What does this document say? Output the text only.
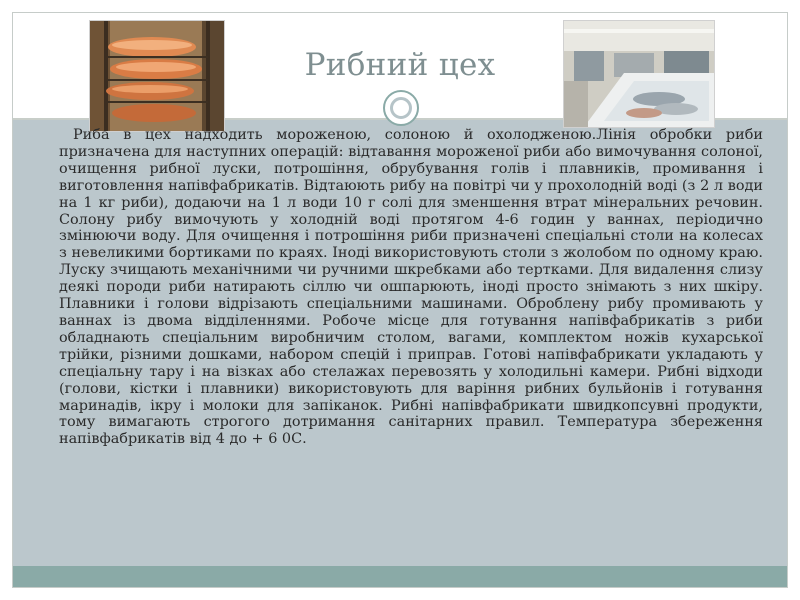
Рибний цех

Риба в цех надходить мороженою, солоною й охолодженою.Лінія обробки риби призначена для наступних операцій: відтавання мороженої риби або вимочування солоної, очищення рибної луски, потрошіння, обрубування голів і плавників, промивання і виготовлення напівфабрикатів. Відтаюють рибу на повітрі чи у прохолодній воді (з 2 л води на 1 кг риби), додаючи на 1 л води 10 г солі для зменшення втрат мінеральних речовин. Солону рибу вимочують у холодній воді протягом 4-6 годин у ваннах, періодично змінюючи воду. Для очищення і потрошіння риби призначені спеціальні столи на колесах з невеликими бортиками по краях. Іноді використовують столи з жолобом по одному краю. Луску зчищають механічними чи ручними шкребками або тертками. Для видалення слизу деякі породи риби натирають сіллю чи ошпарюють, іноді просто знімають з них шкіру. Плавники і голови відрізають спеціальними машинами. Оброблену рибу промивають у ваннах із двома відділеннями. Робоче місце для готування напівфабрикатів з риби обладнають спеціальним виробничим столом, вагами, комплектом ножів кухарської трійки, різними дошками, набором спецій і приправ. Готові напівфабрикати укладають у спеціальну тару і на візках або стелажах перевозять у холодильні камери. Рибні відходи (голови, кістки і плавники) використовують для варіння рибних бульйонів і готування маринадів, ікру і молоки для запіканок. Рибні напівфабрикати швидкопсувні продукти, тому вимагають строгого дотримання санітарних правил. Температура збереження напівфабрикатів від 4 до + 6 0С.
